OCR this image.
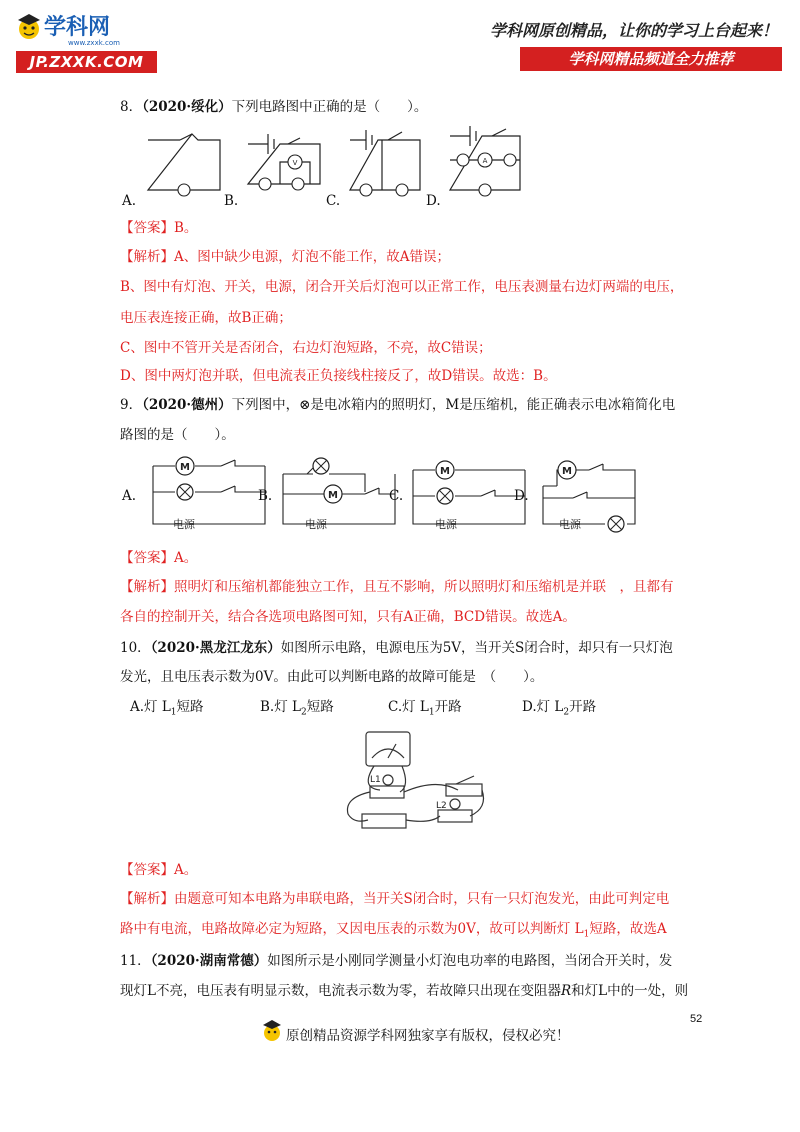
学科网
www.zxxk.com
JP.ZXXK.COM
学科网原创精品，让你的学习上台起来！
学科网精品频道全力推荐
8．（2020·绥化）下列电路图中正确的是（　　）。
V	A
A.	B.	C.	D.
【答案】B。
【解析】A、图中缺少电源，灯泡不能工作，故A错误；
B、图中有灯泡、开关，电源，闭合开关后灯泡可以正常工作，电压表测量右边灯两端的电压，
电压表连接正确，故B正确；
C、图中不管开关是否闭合，右边灯泡短路，不亮，故C错误；
D、图中两灯泡并联，但电流表正负接线柱接反了，故D错误。故选：B。
9．（2020·德州）下列图中，⊗是电冰箱内的照明灯，M是压缩机，能正确表示电冰箱简化电
路图的是（　　）。
M
M
M	M
电源	电源	电源	电源
A.	B.	C.	D.
【答案】A。
【解析】照明灯和压缩机都能独立工作，且互不影响，所以照明灯和压缩机是并联　，且都有
各自的控制开关，结合各选项电路图可知，只有A正确，BCD错误。故选A。
10．（2020·黑龙江龙东）如图所示电路，电源电压为5V，当开关S闭合时，却只有一只灯泡
发光，且电压表示数为0V。由此可以判断电路的故障可能是　（　　）。
A.灯 $L_1$短路	B.灯 $L_2$短路	C.灯 $L_1$开路	D.灯 $L_2$开路
L1
L2
【答案】A。
【解析】由题意可知本电路为串联电路，当开关S闭合时，只有一只灯泡发光，由此可判定电
路中有电流，电路故障必定为短路，又因电压表的示数为0V，故可以判断灯 $L_1$短路，故选A
11．（2020·湖南常德）如图所示是小刚同学测量小灯泡电功率的电路图，当闭合开关时，发
现灯L不亮，电压表有明显示数，电流表示数为零，若故障只出现在变阻器R和灯L中的一处，则
52
原创精品资源学科网独家享有版权，侵权必究！
